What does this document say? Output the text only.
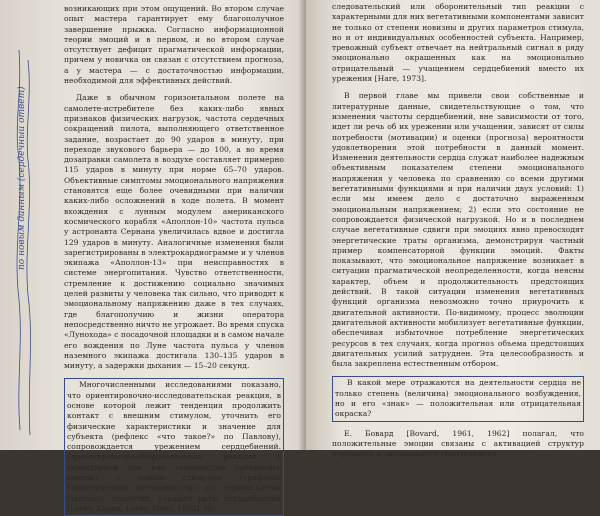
возникающих при этом ощущений. Во втором случае опыт мастера гарантирует ему благополучное завершение прыжка. Согласно информационной теории эмоций и в первом, и во втором случае отсутствует дефицит прагматической информации, причем у новичка он связан с отсутствием прогноза, а у мастера — с достаточностью информации, необходимой для эффективных действий.

Даже в обычном горизонтальном полете на самолете-истребителе без каких-либо явных признаков физических нагрузок, частота сердечных сокращений пилота, выполняющего ответственное задание, возрастает до 90 ударов в минуту, при переходе звукового барьера — до 100, а во время дозаправки самолета в воздухе составляет примерно 115 ударов в минуту при норме 65–70 ударов. Объективные симптомы эмоционального напряжения становятся еще более очевидными при наличии каких-либо осложнений в ходе полета. В момент вхождения с лунным модулем американского космического корабля «Аполлон-10» частота пульса у астронавта Сернана увеличилась вдвое и достигла 129 ударов в минуту. Аналогичные изменения были зарегистрированы в электрокардиограмме и у членов экипажа «Аполлон-13» при неисправностях в системе энергопитания. Чувство ответственности, стремление к достижению социально значимых целей развиты у человека так сильно, что приводят к эмоциональному напряжению даже в тех случаях, где благополучию и жизни оператора непосредственно ничто не угрожает. Во время спуска «Лунохода» с посадочной площадки и в самом начале его вождения по Луне частота пульса у членов наземного экипажа достигала 130–135 ударов в минуту, а задержки дыхания — 15–20 секунд.

Многочисленными исследованиями показано, что ориентировочно-исследовательская реакция, в основе которой лежит тенденция продолжить контакт с внешним стимулом, уточнить его физические характеристики и значение для субъекта (рефлекс «что такое?» по Павлову), сопровождается урежением сердцебиений. Ориентировочно-оборонительная реакция с характерной для нее готовностью прекратить контакт с новым стимулом («рефлекс биологической осторожности» по терминологии Павлова), напротив, учащает ритм сердцебиений [Lacey, Kagan, Lacey, Moss, 1963]. Ис-

по новым данным (сердечный ответ)

следовательский или оборонительный тип реакции с характерными для них вегетативными компонентами зависит не только от степени новизны и других параметров стимула, но и от индивидуальных особенностей субъекта. Например, тревожный субъект отвечает на нейтральный сигнал в ряду эмоционально окрашенных как на эмоционально отрицательный — учащением сердцебиений вместо их урежения [Hare, 1973].

В первой главе мы привели свои собственные и литературные данные, свидетельствующие о том, что изменения частоты сердцебиений, вне зависимости от того, идет ли речь об их урежении или учащении, зависят от силы потребности (мотивации) и оценки (прогноза) вероятности удовлетворения этой потребности в данный момент. Изменения деятельности сердца служат наиболее надежным объективным показателем степени эмоционального напряжения у человека по сравнению со всеми другими вегетативными функциями и при наличии двух условий: 1) если мы имеем дело с достаточно выраженным эмоциональным напряжением; 2) если это состояние не сопровождается физической нагрузкой. Но и в последнем случае вегетативные сдвиги при эмоциях явно превосходят энергетические траты организма, демонстрируя частный пример компенсаторной функции эмоций. Факты показывают, что эмоциональное напряжение возникает в ситуации прагматической неопределенности, когда неясны характер, объем и продолжительность предстоящих действий. В такой ситуации изменения вегетативных функций организма невозможно точно приурочить к двигательной активности. По-видимому, процесс эволюции двигательной активности мобилизует вегетативные функции, обеспечивая избыточное потребление энергетических ресурсов в тех случаях, когда прогноз объема предстоящих двигательных усилий затруднен. Эта целесообразность и была закреплена естественным отбором.

В какой мере отражаются на деятельности сердца не только степень (величина) эмоционального возбуждения, но и его «знак» — положительная или отрицательная окраска?

Е. Бовард [Bovard, 1961, 1962] полагал, что положительные эмоции связаны с активацией структур переднего и латерального гипоталамуса
